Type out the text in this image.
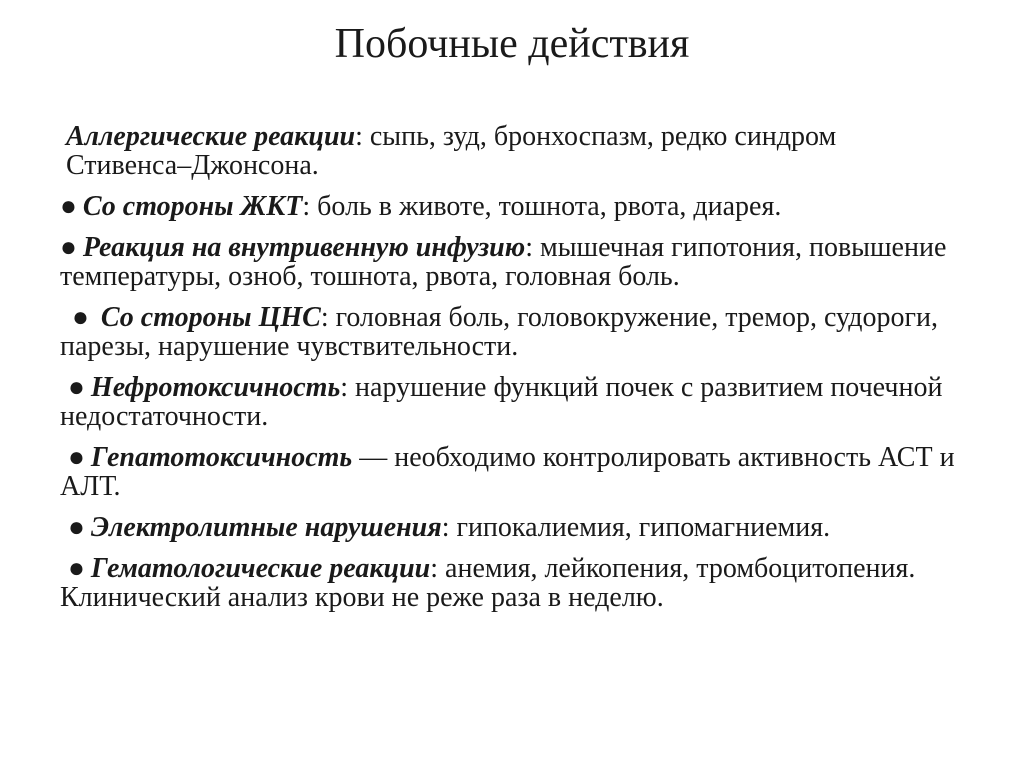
Побочные действия

Аллергические реакции: сыпь, зуд, бронхоспазм, редко синдром Стивенса–Джонсона.

● Со стороны ЖКТ: боль в животе, тошнота, рвота, диарея.

● Реакция на внутривенную инфузию: мышечная гипотония, повышение температуры, озноб, тошнота, рвота, головная боль.

● Со стороны ЦНС: головная боль, головокружение, тремор, судороги, парезы, нарушение чувствительности.

● Нефротоксичность: нарушение функций почек с развитием почечной недостаточности.

● Гепатотоксичность — необходимо контролировать активность АСТ и АЛТ.

● Электролитные нарушения: гипокалиемия, гипомагниемия.

● Гематологические реакции: анемия, лейкопения, тромбоцитопения. Клинический анализ крови не реже раза в неделю.
